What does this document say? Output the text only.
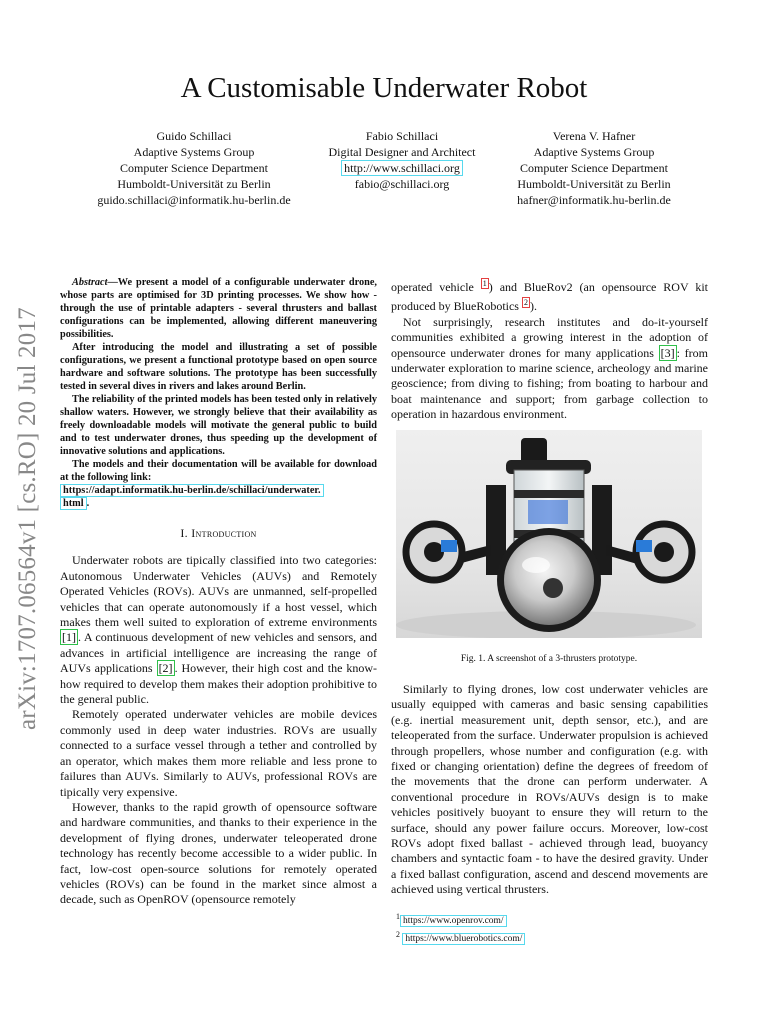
A Customisable Underwater Robot
Guido Schillaci
Adaptive Systems Group
Computer Science Department
Humboldt-Universität zu Berlin
guido.schillaci@informatik.hu-berlin.de
Fabio Schillaci
Digital Designer and Architect
http://www.schillaci.org
fabio@schillaci.org
Verena V. Hafner
Adaptive Systems Group
Computer Science Department
Humboldt-Universität zu Berlin
hafner@informatik.hu-berlin.de
arXiv:1707.06564v1 [cs.RO] 20 Jul 2017

Abstract—We present a model of a configurable underwater drone, whose parts are optimised for 3D printing processes. We show how - through the use of printable adapters - several thrusters and ballast configurations can be implemented, allowing different maneuvering possibilities.

After introducing the model and illustrating a set of possible configurations, we present a functional prototype based on open source hardware and software solutions. The prototype has been successfully tested in several dives in rivers and lakes around Berlin.

The reliability of the printed models has been tested only in relatively shallow waters. However, we strongly believe that their availability as freely downloadable models will motivate the general public to build and to test underwater drones, thus speeding up the development of innovative solutions and applications.

The models and their documentation will be available for download at the following link:

https://adapt.informatik.hu-berlin.de/schillaci/underwater.
html .

I. Introduction

Underwater robots are tipically classified into two categories: Autonomous Underwater Vehicles (AUVs) and Remotely Operated Vehicles (ROVs). AUVs are unmanned, self-propelled vehicles that can operate autonomously if a host vessel, which makes them well suited to exploration of extreme environments [1] . A continuous development of new vehicles and sensors, and advances in artificial intelligence are increasing the range of AUVs applications [2] . However, their high cost and the know-how required to develop them makes their adoption prohibitive to the general public.

Remotely operated underwater vehicles are mobile devices commonly used in deep water industries. ROVs are usually connected to a surface vessel through a tether and controlled by an operator, which makes them more reliable and less prone to failures than AUVs. Similarly to AUVs, professional ROVs are tipically very expensive.

However, thanks to the rapid growth of opensource software and hardware communities, and thanks to their experience in the development of flying drones, underwater teleoperated drone technology has recently become accessible to a wider public. In fact, low-cost open-source solutions for remotely operated vehicles (ROVs) can be found in the market since almost a decade, such as OpenROV (opensource remotely

operated vehicle $^1$ ) and BlueRov2 (an opensource ROV kit produced by BlueRobotics $^2$ ).

Not surprisingly, research institutes and do-it-yourself communities exhibited a growing interest in the adoption of opensource underwater drones for many applications [3] : from underwater exploration to marine science, archeology and marine geoscience; from diving to fishing; from boating to harbour and boat maintenance and support; from garbage collection to operation in hazardous environment.

Fig. 1. A screenshot of a 3-thrusters prototype.

Similarly to flying drones, low cost underwater vehicles are usually equipped with cameras and basic sensing capabilities (e.g. inertial measurement unit, depth sensor, etc.), and are teleoperated from the surface. Underwater propulsion is achieved through propellers, whose number and configuration (e.g. with fixed or changing orientation) define the degrees of freedom of the movements that the drone can perform underwater. A conventional procedure in ROVs/AUVs design is to make vehicles positively buoyant to ensure they will return to the surface, should any power failure occurs. Moreover, low-cost ROVs adopt fixed ballast - achieved through lead, buoyancy chambers and syntactic foam - to have the desired gravity. Under a fixed ballast configuration, ascend and descend movements are achieved using vertical thrusters.

$^1$ https://www.openrov.com/
$^2$ https://www.bluerobotics.com/
